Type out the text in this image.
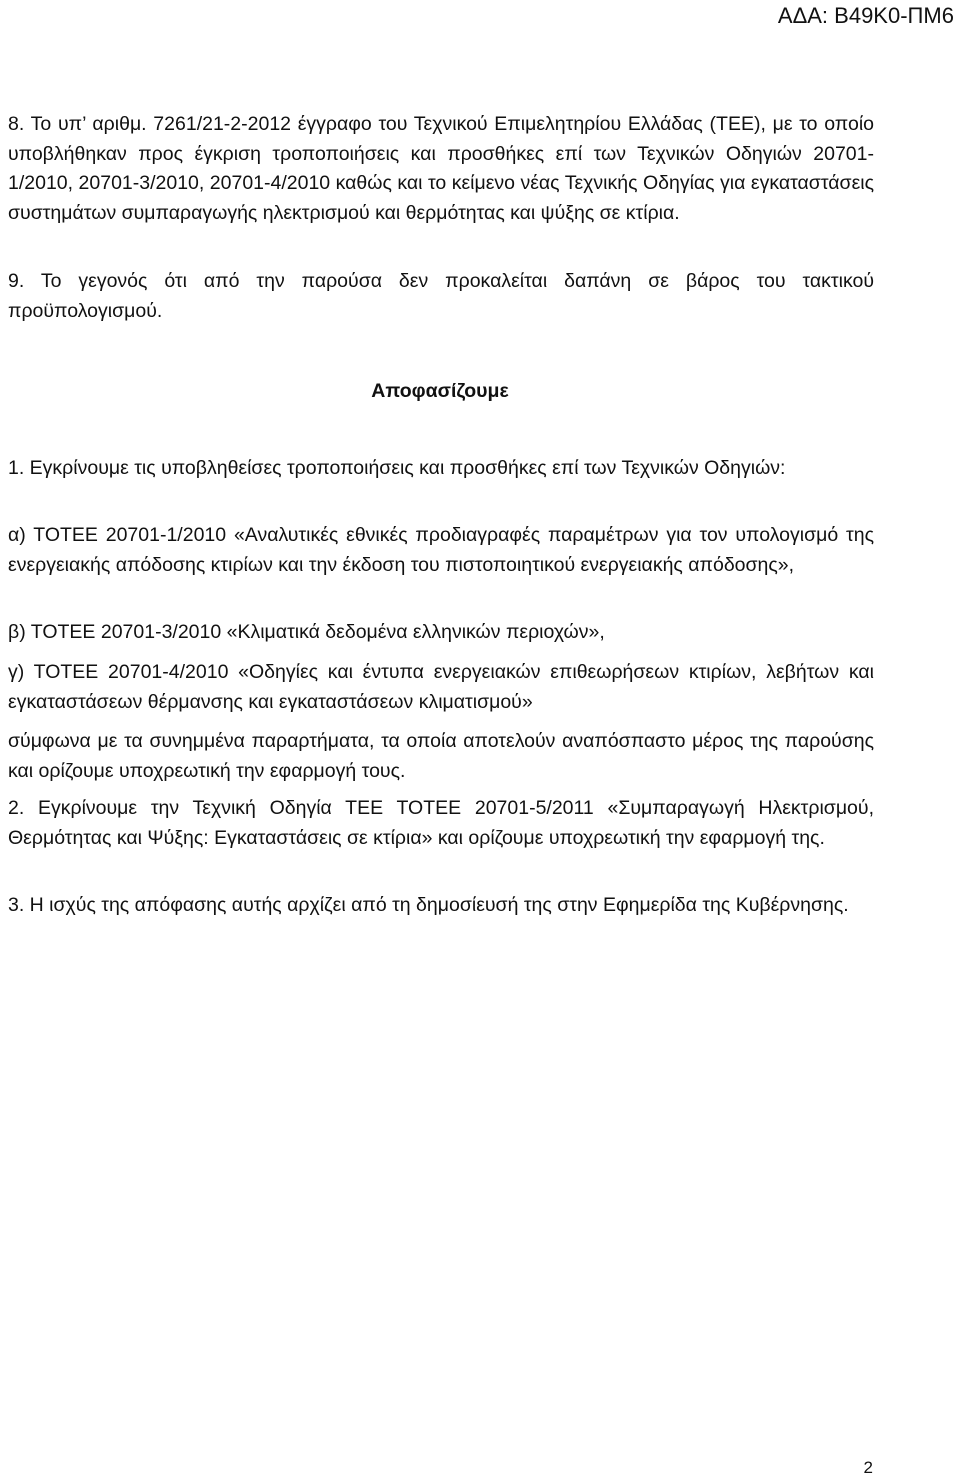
ΑΔΑ: Β49Κ0-ΠΜ6

8. Το υπ’ αριθμ. 7261/21-2-2012 έγγραφο του Τεχνικού Επιμελητηρίου Ελλάδας (ΤΕΕ), με το οποίο υποβλήθηκαν προς έγκριση τροποποιήσεις και προσθήκες επί των Τεχνικών Οδηγιών 20701-1/2010, 20701-3/2010, 20701-4/2010 καθώς και το κείμενο νέας Τεχνικής Οδηγίας για εγκαταστάσεις συστημάτων συμπαραγωγής ηλεκτρισμού και θερμότητας και ψύξης σε κτίρια.

9. Το γεγονός ότι από την παρούσα δεν προκαλείται δαπάνη σε βάρος του τακτικού προϋπολογισμού.

Αποφασίζουμε

1. Εγκρίνουμε τις υποβληθείσες τροποποιήσεις και προσθήκες επί των Τεχνικών Οδηγιών:

α) ΤΟΤΕΕ 20701-1/2010 «Αναλυτικές εθνικές προδιαγραφές παραμέτρων για τον υπολογισμό της ενεργειακής απόδοσης κτιρίων και την έκδοση του πιστοποιητικού ενεργειακής απόδοσης»,

β) ΤΟΤΕΕ 20701-3/2010 «Κλιματικά δεδομένα ελληνικών περιοχών»,

γ) ΤΟΤΕΕ 20701-4/2010 «Οδηγίες και έντυπα ενεργειακών επιθεωρήσεων κτιρίων, λεβήτων και εγκαταστάσεων θέρμανσης και εγκαταστάσεων κλιματισμού»

σύμφωνα με τα συνημμένα παραρτήματα, τα οποία αποτελούν αναπόσπαστο μέρος της παρούσης και ορίζουμε υποχρεωτική την εφαρμογή τους.

2. Εγκρίνουμε την Τεχνική Οδηγία ΤΕΕ ΤΟΤΕΕ 20701-5/2011 «Συμπαραγωγή Ηλεκτρισμού, Θερμότητας και Ψύξης: Εγκαταστάσεις σε κτίρια» και ορίζουμε υποχρεωτική την εφαρμογή της.

3. Η ισχύς της απόφασης αυτής αρχίζει από τη δημοσίευσή της στην Εφημερίδα της Κυβέρνησης.

2
